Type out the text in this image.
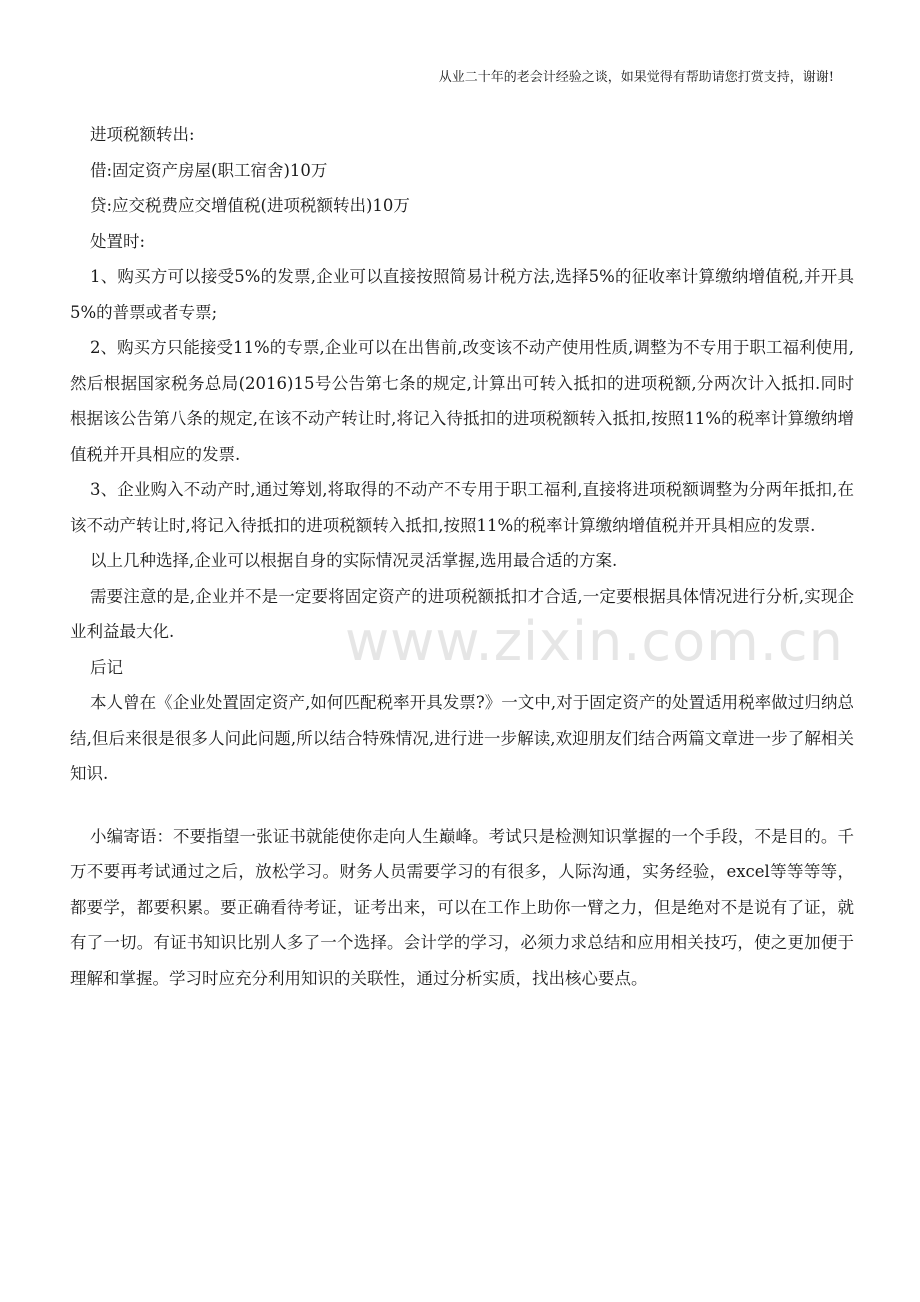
从业二十年的老会计经验之谈，如果觉得有帮助请您打赏支持，谢谢!
www.zixin.com.cn

进项税额转出:

借:固定资产房屋(职工宿舍)10万

贷:应交税费应交增值税(进项税额转出)10万

处置时:

1、购买方可以接受5%的发票,企业可以直接按照简易计税方法,选择5%的征收率计算缴纳增值税,并开具5%的普票或者专票;

2、购买方只能接受11%的专票,企业可以在出售前,改变该不动产使用性质,调整为不专用于职工福利使用,然后根据国家税务总局(2016)15号公告第七条的规定,计算出可转入抵扣的进项税额,分两次计入抵扣.同时根据该公告第八条的规定,在该不动产转让时,将记入待抵扣的进项税额转入抵扣,按照11%的税率计算缴纳增值税并开具相应的发票.

3、企业购入不动产时,通过筹划,将取得的不动产不专用于职工福利,直接将进项税额调整为分两年抵扣,在该不动产转让时,将记入待抵扣的进项税额转入抵扣,按照11%的税率计算缴纳增值税并开具相应的发票.

以上几种选择,企业可以根据自身的实际情况灵活掌握,选用最合适的方案.

需要注意的是,企业并不是一定要将固定资产的进项税额抵扣才合适,一定要根据具体情况进行分析,实现企业利益最大化.

后记

本人曾在《企业处置固定资产,如何匹配税率开具发票?》一文中,对于固定资产的处置适用税率做过归纳总结,但后来很是很多人问此问题,所以结合特殊情况,进行进一步解读,欢迎朋友们结合两篇文章进一步了解相关知识.

小编寄语：不要指望一张证书就能使你走向人生巅峰。考试只是检测知识掌握的一个手段，不是目的。千万不要再考试通过之后，放松学习。财务人员需要学习的有很多，人际沟通，实务经验，excel等等等等，都要学，都要积累。要正确看待考证，证考出来，可以在工作上助你一臂之力，但是绝对不是说有了证，就有了一切。有证书知识比别人多了一个选择。会计学的学习，必须力求总结和应用相关技巧，使之更加便于理解和掌握。学习时应充分利用知识的关联性，通过分析实质，找出核心要点。
